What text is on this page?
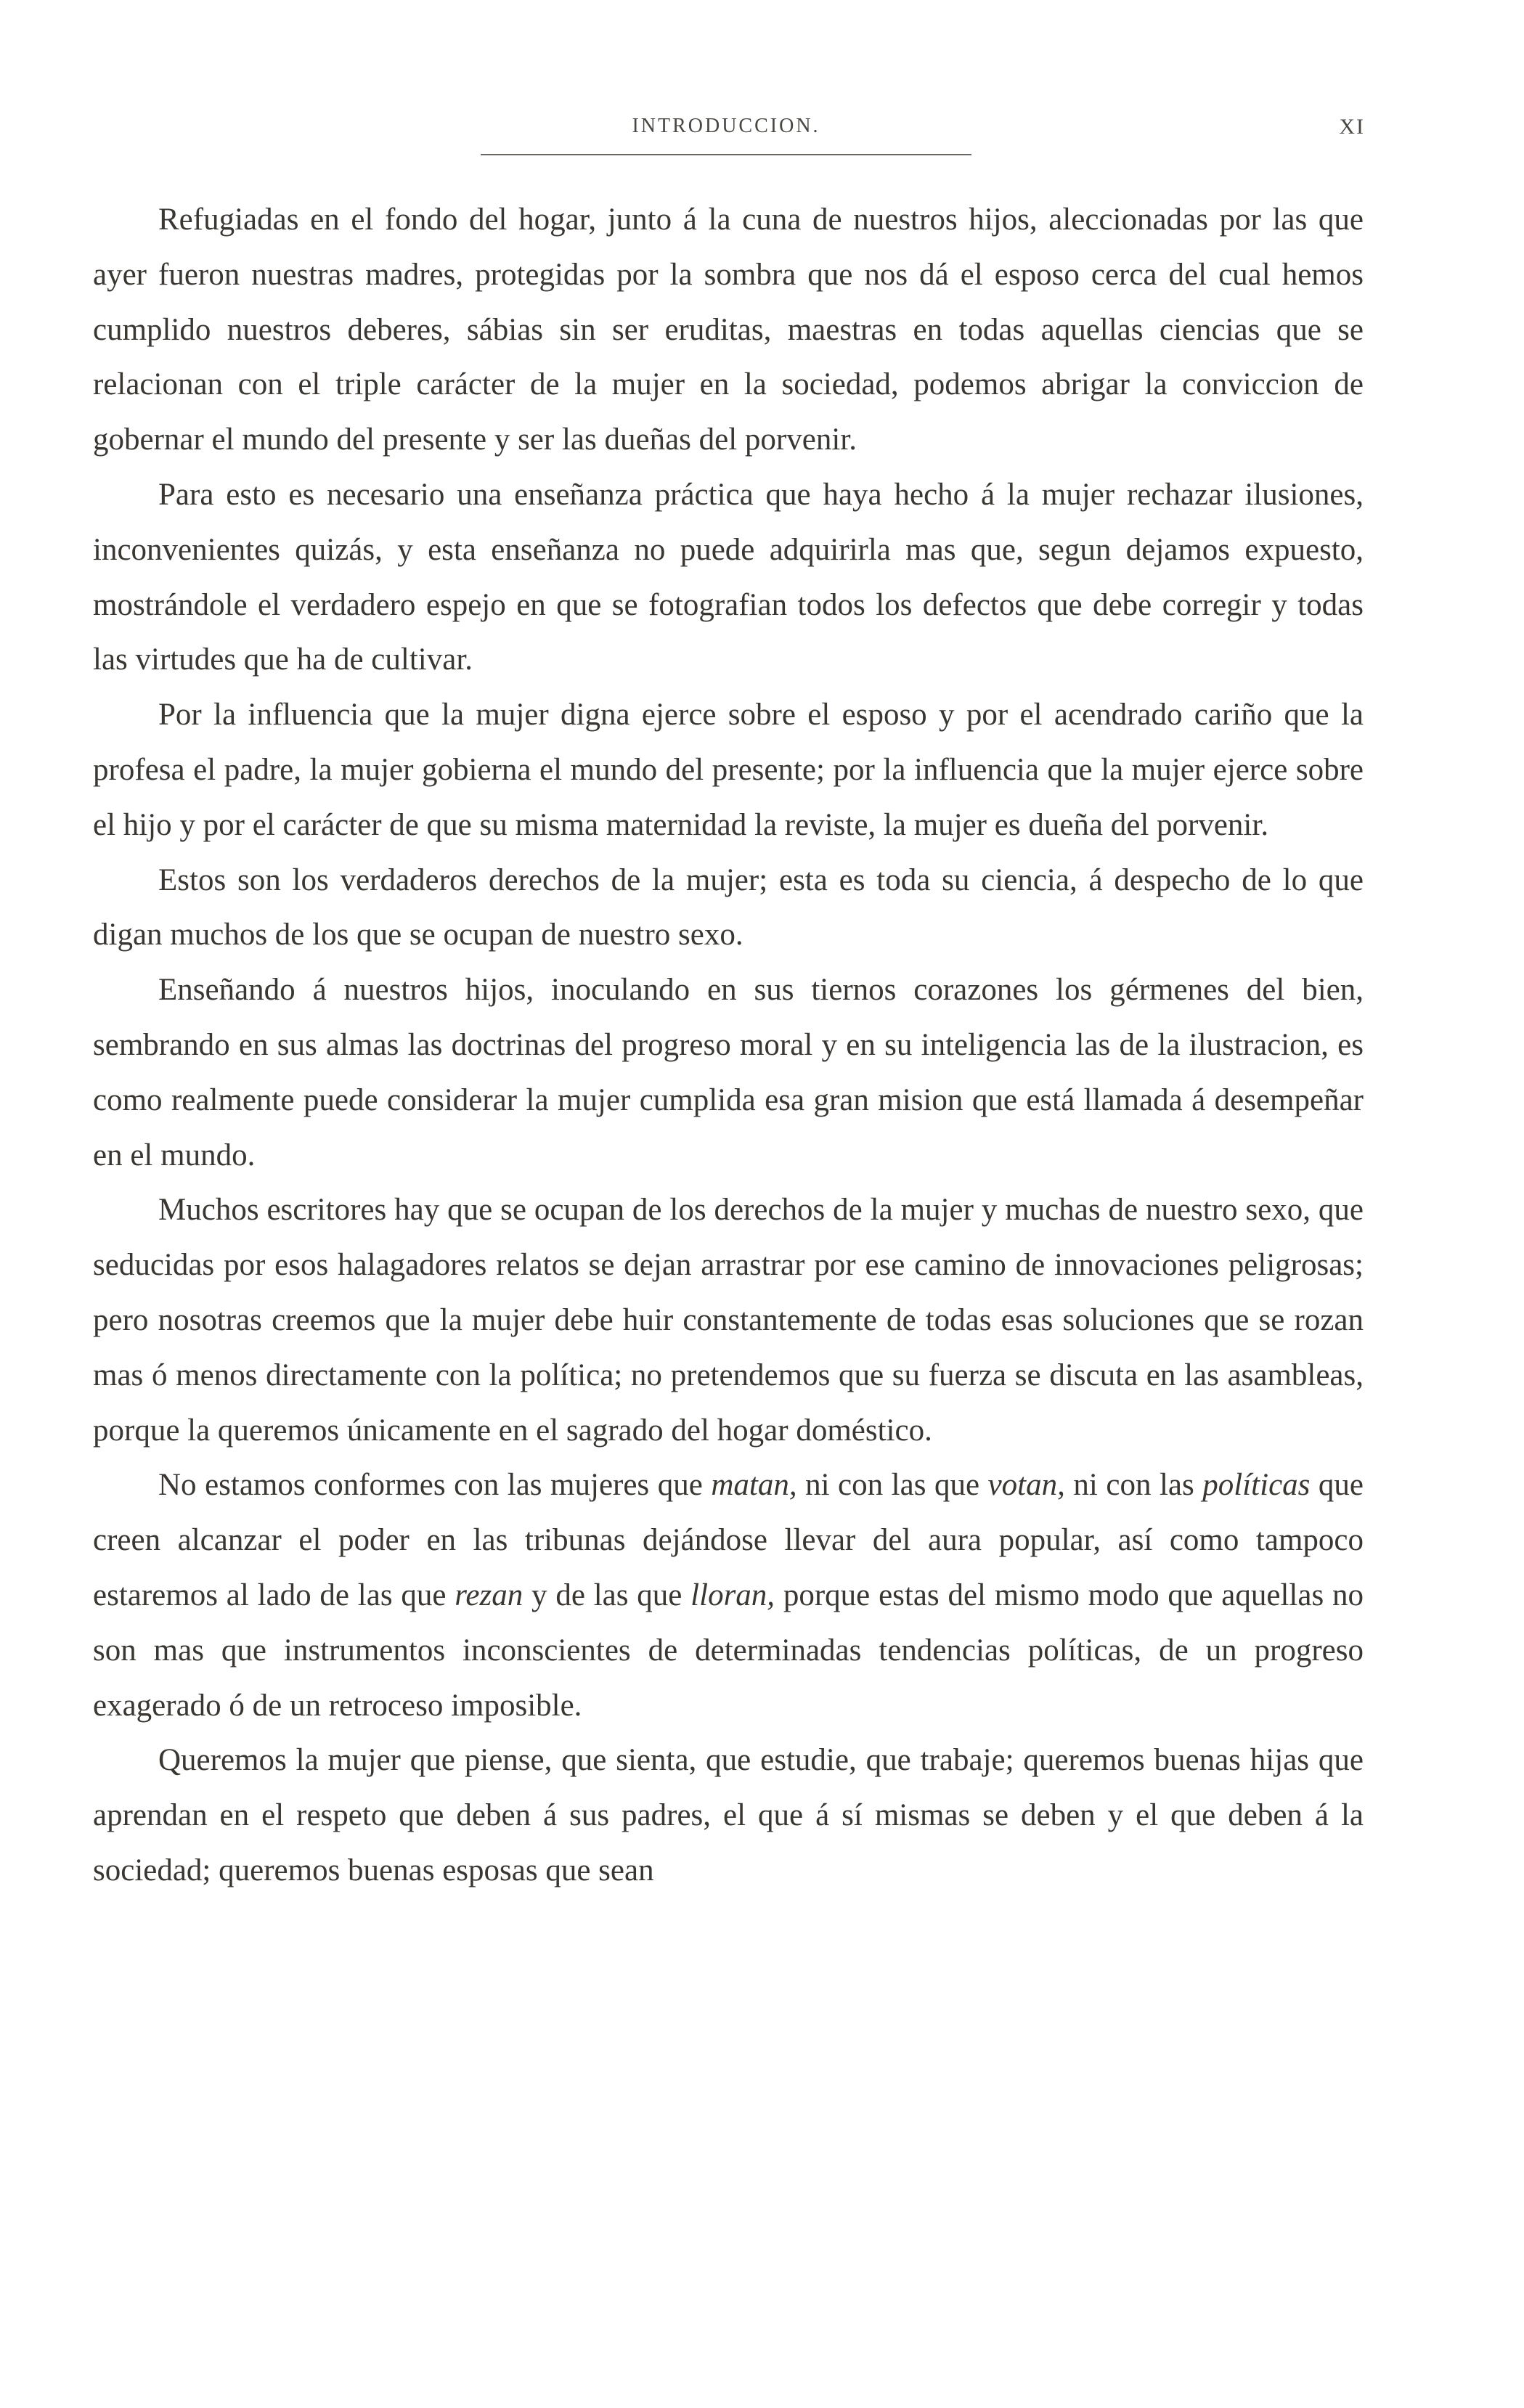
INTRODUCCION.	XI

Refugiadas en el fondo del hogar, junto á la cuna de nuestros hijos, aleccionadas por las que ayer fueron nuestras madres, protegidas por la sombra que nos dá el esposo cerca del cual hemos cumplido nuestros deberes, sábias sin ser eruditas, maestras en todas aquellas ciencias que se relacionan con el triple carácter de la mujer en la sociedad, podemos abrigar la conviccion de gobernar el mundo del presente y ser las dueñas del porvenir.

Para esto es necesario una enseñanza práctica que haya hecho á la mujer rechazar ilusiones, inconvenientes quizás, y esta enseñanza no puede adquirirla mas que, segun dejamos expuesto, mostrándole el verdadero espejo en que se fotografian todos los defectos que debe corregir y todas las virtudes que ha de cultivar.

Por la influencia que la mujer digna ejerce sobre el esposo y por el acendrado cariño que la profesa el padre, la mujer gobierna el mundo del presente; por la influencia que la mujer ejerce sobre el hijo y por el carácter de que su misma maternidad la reviste, la mujer es dueña del porvenir.

Estos son los verdaderos derechos de la mujer; esta es toda su ciencia, á despecho de lo que digan muchos de los que se ocupan de nuestro sexo.

Enseñando á nuestros hijos, inoculando en sus tiernos corazones los gérmenes del bien, sembrando en sus almas las doctrinas del progreso moral y en su inteligencia las de la ilustracion, es como realmente puede considerar la mujer cumplida esa gran mision que está llamada á desempeñar en el mundo.

Muchos escritores hay que se ocupan de los derechos de la mujer y muchas de nuestro sexo, que seducidas por esos halagadores relatos se dejan arrastrar por ese camino de innovaciones peligrosas; pero nosotras creemos que la mujer debe huir constantemente de todas esas soluciones que se rozan mas ó menos directamente con la política; no pretendemos que su fuerza se discuta en las asambleas, porque la queremos únicamente en el sagrado del hogar doméstico.

No estamos conformes con las mujeres que matan, ni con las que votan, ni con las políticas que creen alcanzar el poder en las tribunas dejándose llevar del aura popular, así como tampoco estaremos al lado de las que rezan y de las que lloran, porque estas del mismo modo que aquellas no son mas que instrumentos inconscientes de determinadas tendencias políticas, de un progreso exagerado ó de un retroceso imposible.

Queremos la mujer que piense, que sienta, que estudie, que trabaje; queremos buenas hijas que aprendan en el respeto que deben á sus padres, el que á sí mismas se deben y el que deben á la sociedad; queremos buenas esposas que sean
